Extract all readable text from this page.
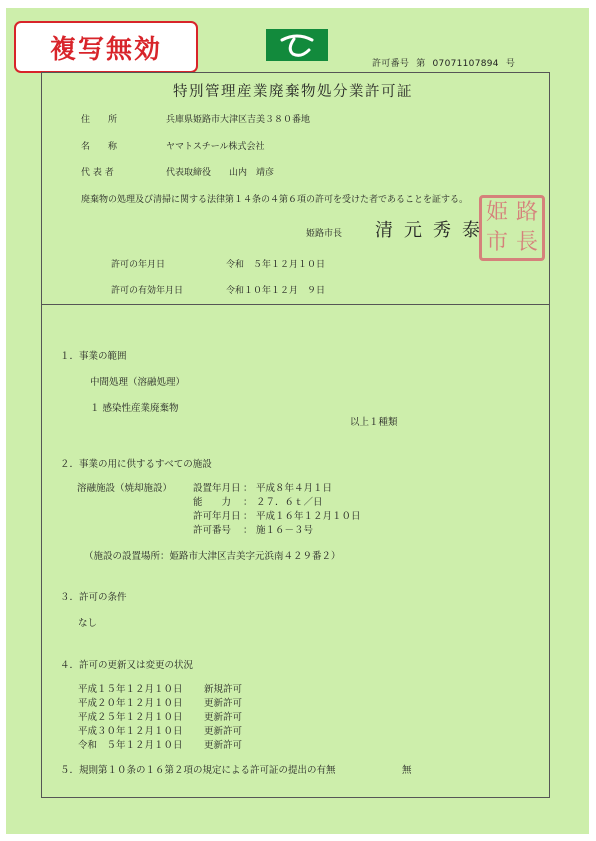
複写無効	許可番号 第 07071107894 号
特別管理産業廃棄物処分業許可証
住　　所	兵庫県姫路市大津区吉美３８０番地
名　　称	ヤマトスチール株式会社
代 表 者	代表取締役　　山内　靖彦
廃棄物の処理及び清掃に関する法律第１４条の４第６項の許可を受けた者であることを証する。
姫路市長 清元秀泰
姫 路
市 長
許可の年月日	令和　５年１２月１０日
許可の有効年月日	令和１０年１２月　９日
１．事業の範囲
中間処理（溶融処理）
１ 感染性産業廃棄物
以上１種類
２．事業の用に供するすべての施設
溶融施設（焼却施設） 設置年月日 ： 平成８年４月１日
能　　力 ： ２７．６ｔ／日
許可年月日 ： 平成１６年１２月１０日
許可番号 ： 施１６－３号
（施設の設置場所：姫路市大津区吉美字元浜南４２９番２）
３．許可の条件
なし
４．許可の更新又は変更の状況
平成１５年１２月１０日 新規許可
平成２０年１２月１０日 更新許可
平成２５年１２月１０日 更新許可
平成３０年１２月１０日 更新許可
令和　５年１２月１０日 更新許可
５．規則第１０条の１６第２項の規定による許可証の提出の有無	無
